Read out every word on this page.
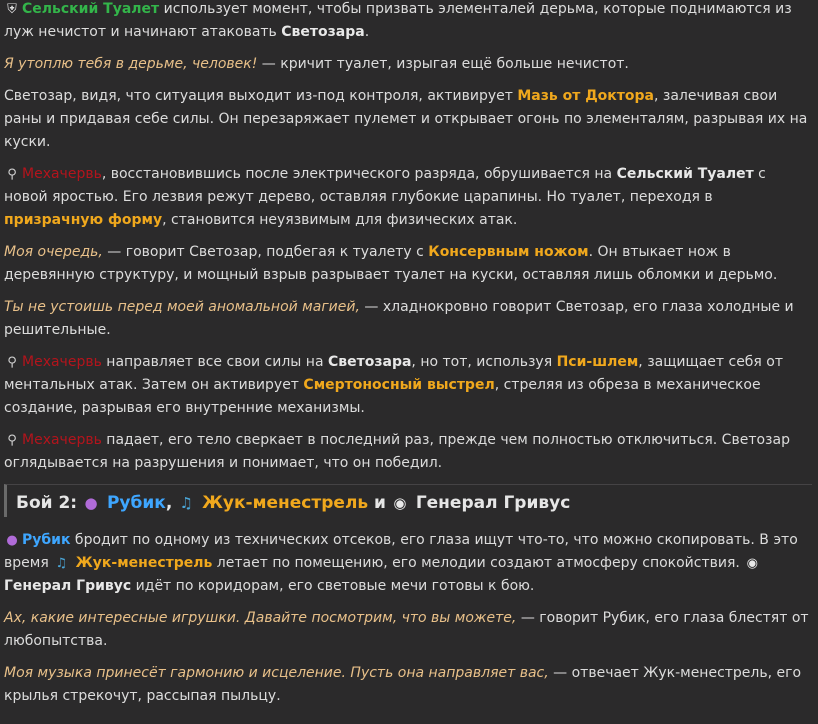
⛨ Сельский Туалет использует момент, чтобы призвать элементалей дерьма, которые поднимаются из луж нечистот и начинают атаковать Светозара.

Я утоплю тебя в дерьме, человек! — кричит туалет, изрыгая ещё больше нечистот.

Светозар, видя, что ситуация выходит из-под контроля, активирует Мазь от Доктора, залечивая свои раны и придавая себе силы. Он перезаряжает пулемет и открывает огонь по элементалям, разрывая их на куски.

⚲ Мехачервь, восстановившись после электрического разряда, обрушивается на Сельский Туалет с новой яростью. Его лезвия режут дерево, оставляя глубокие царапины. Но туалет, переходя в призрачную форму, становится неуязвимым для физических атак.

Моя очередь, — говорит Светозар, подбегая к туалету с Консервным ножом. Он втыкает нож в деревянную структуру, и мощный взрыв разрывает туалет на куски, оставляя лишь обломки и дерьмо.

Ты не устоишь перед моей аномальной магией, — хладнокровно говорит Светозар, его глаза холодные и решительные.

⚲ Мехачервь направляет все свои силы на Светозара, но тот, используя Пси-шлем, защищает себя от ментальных атак. Затем он активирует Смертоносный выстрел, стреляя из обреза в механическое создание, разрывая его внутренние механизмы.

⚲ Мехачервь падает, его тело сверкает в последний раз, прежде чем полностью отключиться. Светозар оглядывается на разрушения и понимает, что он победил.

Бой 2: ● Рубик, ♫ Жук-менестрель и ◉ Генерал Гривус

● Рубик бродит по одному из технических отсеков, его глаза ищут что-то, что можно скопировать. В это время ♫ Жук-менестрель летает по помещению, его мелодии создают атмосферу спокойствия. ◉ Генерал Гривус идёт по коридорам, его световые мечи готовы к бою.

Ах, какие интересные игрушки. Давайте посмотрим, что вы можете, — говорит Рубик, его глаза блестят от любопытства.

Моя музыка принесёт гармонию и исцеление. Пусть она направляет вас, — отвечает Жук-менестрель, его крылья стрекочут, рассыпая пыльцу.
